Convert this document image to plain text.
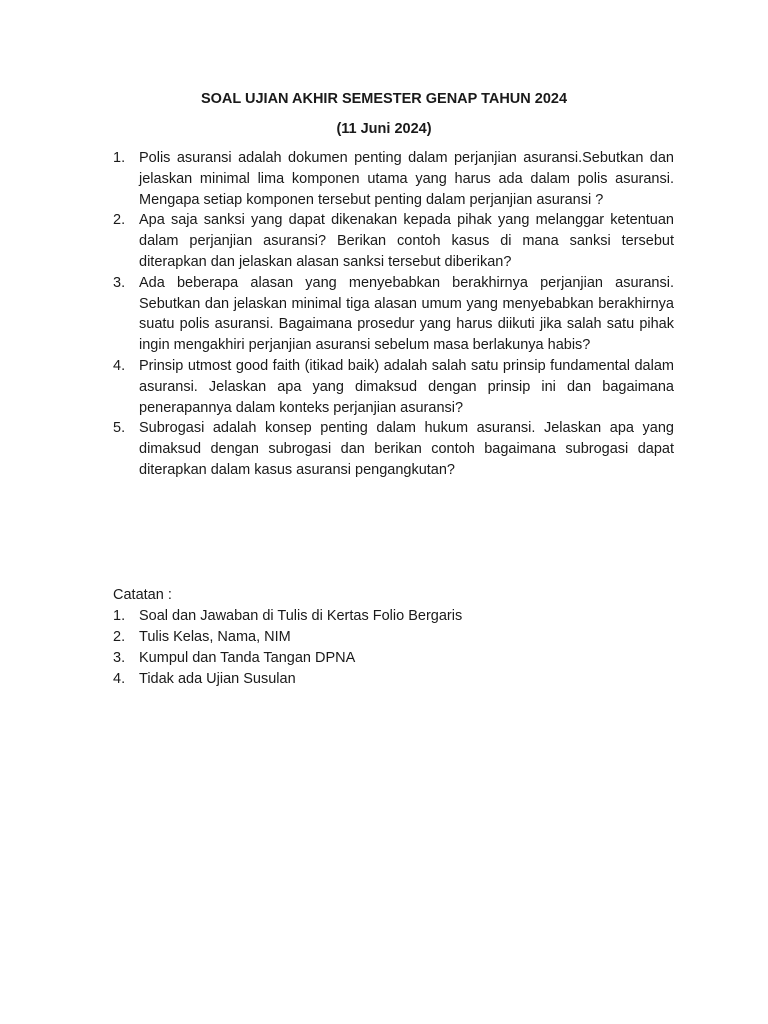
SOAL UJIAN AKHIR SEMESTER GENAP TAHUN 2024

(11 Juni 2024)

1. Polis asuransi adalah dokumen penting dalam perjanjian asuransi.Sebutkan dan jelaskan minimal lima komponen utama yang harus ada dalam polis asuransi. Mengapa setiap komponen tersebut penting dalam perjanjian asuransi ?
2. Apa saja sanksi yang dapat dikenakan kepada pihak yang melanggar ketentuan dalam perjanjian asuransi? Berikan contoh kasus di mana sanksi tersebut diterapkan dan jelaskan alasan sanksi tersebut diberikan?
3. Ada beberapa alasan yang menyebabkan berakhirnya perjanjian asuransi. Sebutkan dan jelaskan minimal tiga alasan umum yang menyebabkan berakhirnya suatu polis asuransi. Bagaimana prosedur yang harus diikuti jika salah satu pihak ingin mengakhiri perjanjian asuransi sebelum masa berlakunya habis?
4. Prinsip utmost good faith (itikad baik) adalah salah satu prinsip fundamental dalam asuransi. Jelaskan apa yang dimaksud dengan prinsip ini dan bagaimana penerapannya dalam konteks perjanjian asuransi?
5. Subrogasi adalah konsep penting dalam hukum asuransi. Jelaskan apa yang dimaksud dengan subrogasi dan berikan contoh bagaimana subrogasi dapat diterapkan dalam kasus asuransi pengangkutan?

Catatan :

1. Soal dan Jawaban di Tulis di Kertas Folio Bergaris
2. Tulis Kelas, Nama, NIM
3. Kumpul dan Tanda Tangan DPNA
4. Tidak ada Ujian Susulan
